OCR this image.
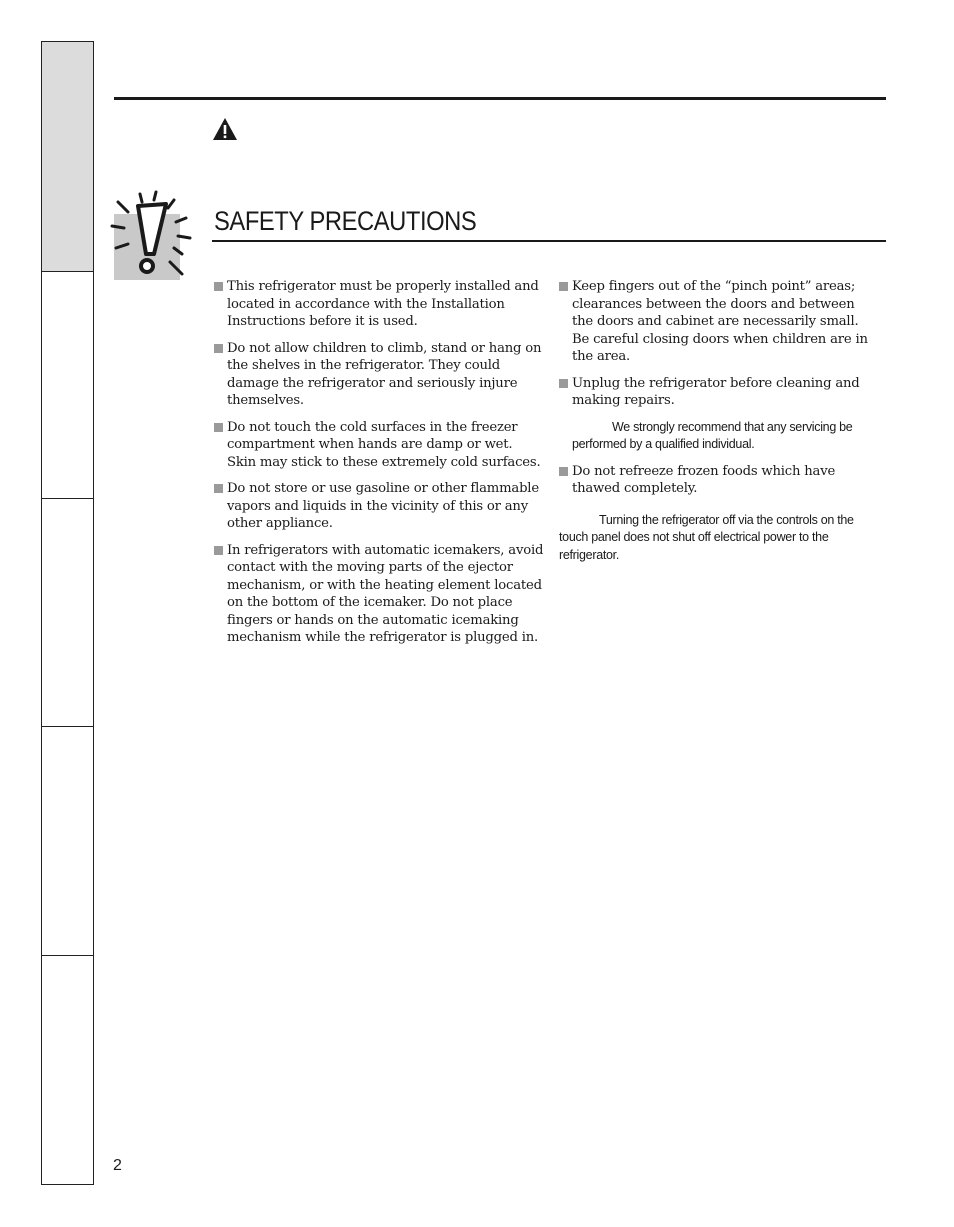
SAFETY PRECAUTIONS

This refrigerator must be properly installed and located in accordance with the Installation Instructions before it is used.

Do not allow children to climb, stand or hang on the shelves in the refrigerator. They could damage the refrigerator and seriously injure themselves.

Do not touch the cold surfaces in the freezer compartment when hands are damp or wet. Skin may stick to these extremely cold surfaces.

Do not store or use gasoline or other flammable vapors and liquids in the vicinity of this or any other appliance.

In refrigerators with automatic icemakers, avoid contact with the moving parts of the ejector mechanism, or with the heating element located on the bottom of the icemaker. Do not place fingers or hands on the automatic icemaking mechanism while the refrigerator is plugged in.

Keep fingers out of the “pinch point” areas; clearances between the doors and between the doors and cabinet are necessarily small. Be careful closing doors when children are in the area.

Unplug the refrigerator before cleaning and making repairs.

We strongly recommend that any servicing be performed by a qualified individual.

Do not refreeze frozen foods which have thawed completely.

Turning the refrigerator off via the controls on the touch panel does not shut off electrical power to the refrigerator.

2
